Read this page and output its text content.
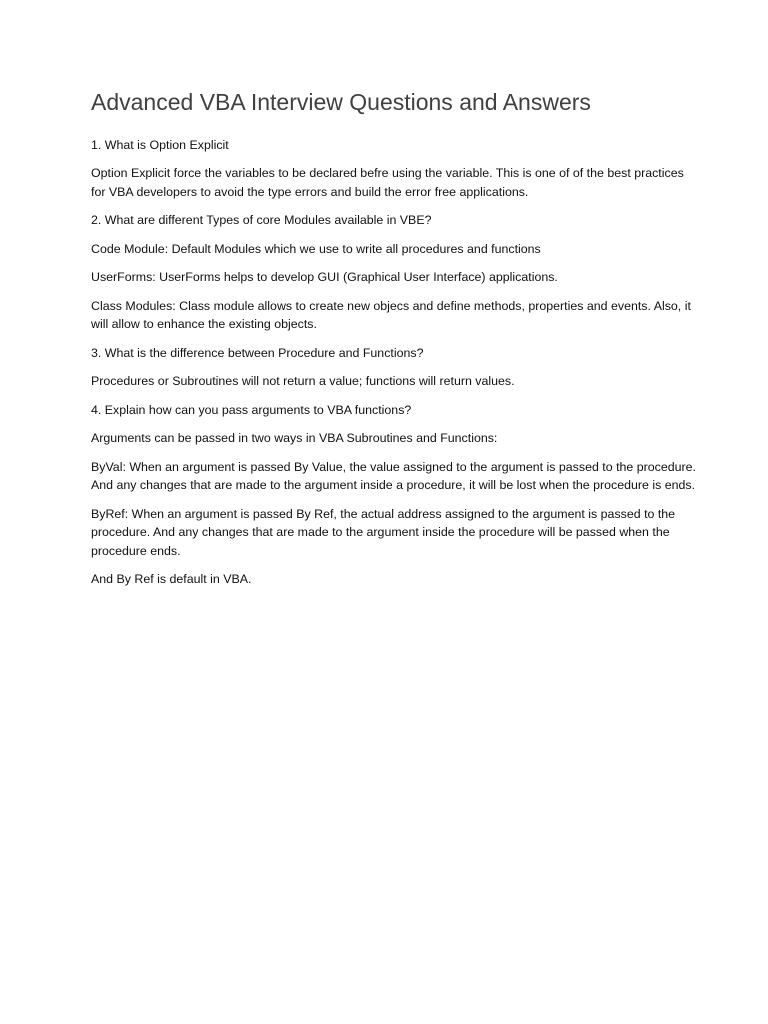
Advanced VBA Interview Questions and Answers

1. What is Option Explicit

Option Explicit force the variables to be declared befre using the variable. This is one of of the best practices for VBA developers to avoid the type errors and build the error free applications.

2. What are different Types of core Modules available in VBE?

Code Module: Default Modules which we use to write all procedures and functions

UserForms: UserForms helps to develop GUI (Graphical User Interface) applications.

Class Modules: Class module allows to create new objecs and define methods, properties and events. Also, it will allow to enhance the existing objects.

3. What is the difference between Procedure and Functions?

Procedures or Subroutines will not return a value; functions will return values.

4. Explain how can you pass arguments to VBA functions?

Arguments can be passed in two ways in VBA Subroutines and Functions:

ByVal: When an argument is passed By Value, the value assigned to the argument is passed to the procedure. And any changes that are made to the argument inside a procedure, it will be lost when the procedure is ends.

ByRef: When an argument is passed By Ref, the actual address assigned to the argument is passed to the procedure. And any changes that are made to the argument inside the procedure will be passed when the procedure ends.

And By Ref is default in VBA.
